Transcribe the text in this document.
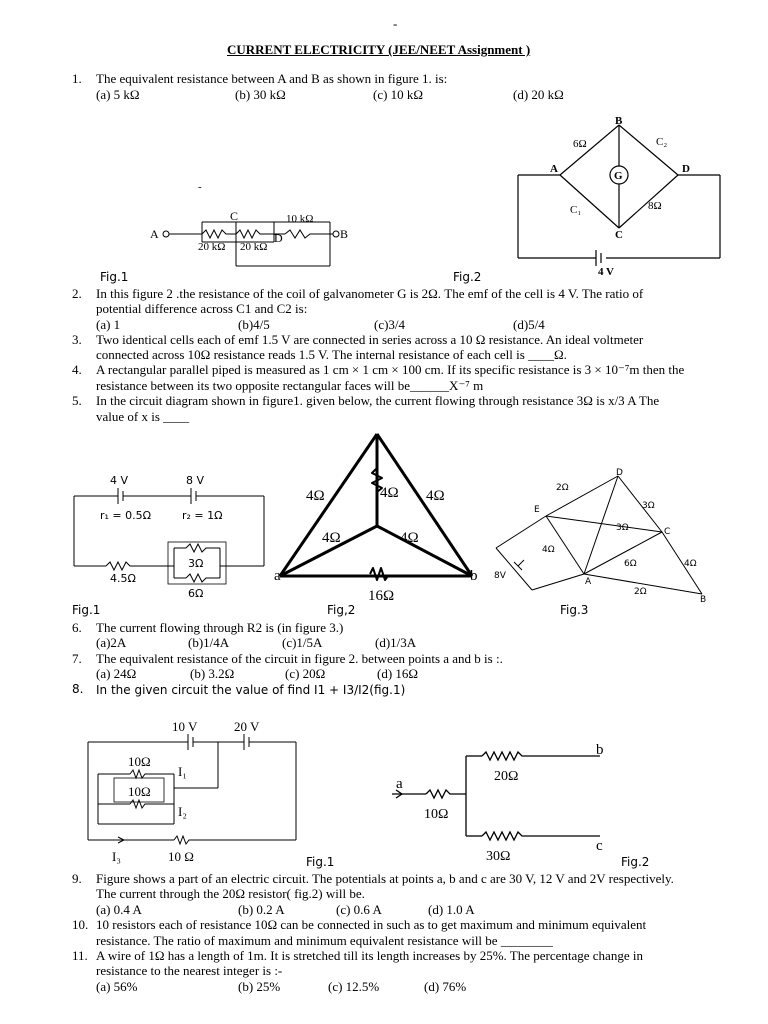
-
CURRENT ELECTRICITY (JEE/NEET Assignment )
1. The equivalent resistance between A and B as shown in figure 1. is:
(a) 5 kΩ	(b) 30 kΩ	(c) 10 kΩ	(d) 20 kΩ
-
A	B
C
D
20 kΩ 20 kΩ
10 kΩ
B
A	D
C
G
6Ω
8Ω
C₁
C₂
4 V
Fig.1	Fig.2
2. In this figure 2 .the resistance of the coil of galvanometer G is 2Ω. The emf of the cell is 4 V. The ratio of
potential difference across C1 and C2 is:
(a) 1	(b)4/5	(c)3/4	(d)5/4
3. Two identical cells each of emf 1.5 V are connected in series across a 10 Ω resistance. An ideal voltmeter
connected across 10Ω resistance reads 1.5 V. The internal resistance of each cell is ____Ω.
4. A rectangular parallel piped is measured as 1 cm × 1 cm × 100 cm. If its specific resistance is 3 × 10⁻⁷m then the
resistance between its two opposite rectangular faces will be______X⁻⁷ m
5. In the circuit diagram shown in figure1. given below, the current flowing through resistance 3Ω is x/3 A The
value of x is ____
4 V	8 V
r₁ = 0.5Ω	r₂ = 1Ω
3Ω
4.5Ω
6Ω
4Ω	4Ω 4Ω
4Ω	4Ω
16Ω
a	b
D
E
C
A
B
8V
2Ω
3Ω
4Ω
3Ω
6Ω	4Ω
2Ω
Fig.1	Fig,2	Fig.3
6. The current flowing through R2 is (in figure 3.)
(a)2A	(b)1/4A	(c)1/5A	(d)1/3A
7. The equivalent resistance of the circuit in figure 2. between points a and b is :.
(a) 24Ω	(b) 3.2Ω	(c) 20Ω	(d) 16Ω
8. In the given circuit the value of find I1 + I3/I2(fig.1)
10 V	20 V
10Ω
10Ω
10 Ω
I₁
I₂
I₃
a
b
c
20Ω
10Ω
30Ω
Fig.1	Fig.2
9. Figure shows a part of an electric circuit. The potentials at points a, b and c are 30 V, 12 V and 2V respectively.
The current through the 20Ω resistor( fig.2) will be.
(a) 0.4 A	(b) 0.2 A	(c) 0.6 A	(d) 1.0 A
10. 10 resistors each of resistance 10Ω can be connected in such as to get maximum and minimum equivalent
resistance. The ratio of maximum and minimum equivalent resistance will be ________
11. A wire of 1Ω has a length of 1m. It is stretched till its length increases by 25%. The percentage change in
resistance to the nearest integer is :-
(a) 56%	(b) 25%	(c) 12.5%	(d) 76%
